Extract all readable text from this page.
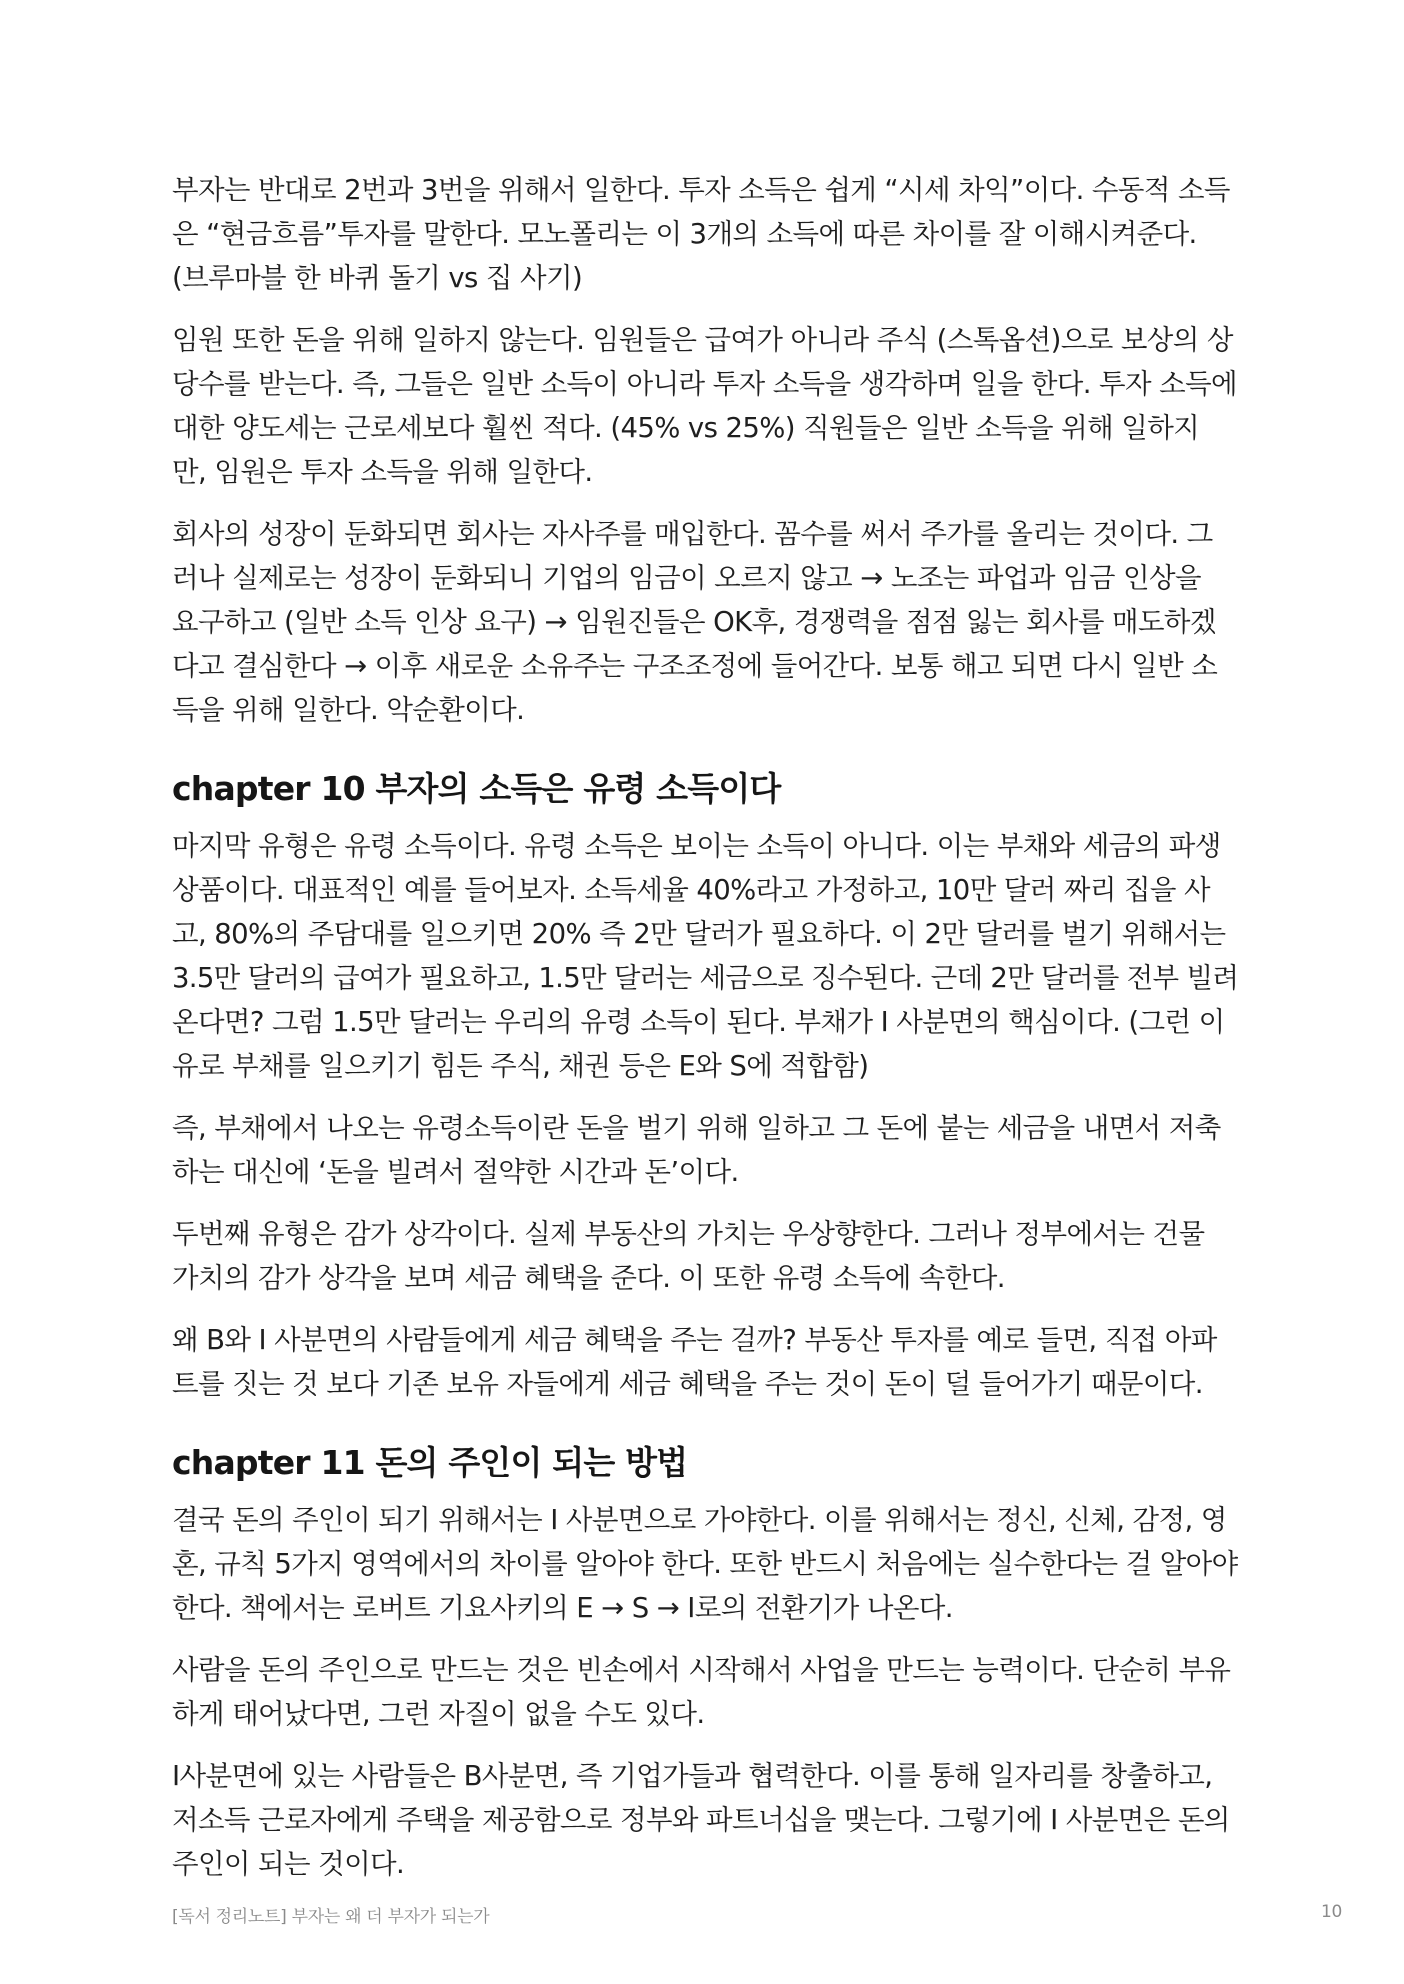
부자는 반대로 2번과 3번을 위해서 일한다. 투자 소득은 쉽게 “시세 차익”이다. 수동적 소득
은 “현금흐름”투자를 말한다. 모노폴리는 이 3개의 소득에 따른 차이를 잘 이해시켜준다.
(브루마블 한 바퀴 돌기 vs 집 사기)
임원 또한 돈을 위해 일하지 않는다. 임원들은 급여가 아니라 주식 (스톡옵션)으로 보상의 상
당수를 받는다. 즉, 그들은 일반 소득이 아니라 투자 소득을 생각하며 일을 한다. 투자 소득에
대한 양도세는 근로세보다 훨씬 적다. (45% vs 25%) 직원들은 일반 소득을 위해 일하지
만, 임원은 투자 소득을 위해 일한다.
회사의 성장이 둔화되면 회사는 자사주를 매입한다. 꼼수를 써서 주가를 올리는 것이다. 그
러나 실제로는 성장이 둔화되니 기업의 임금이 오르지 않고 → 노조는 파업과 임금 인상을
요구하고 (일반 소득 인상 요구) → 임원진들은 OK후, 경쟁력을 점점 잃는 회사를 매도하겠
다고 결심한다 → 이후 새로운 소유주는 구조조정에 들어간다. 보통 해고 되면 다시 일반 소
득을 위해 일한다. 악순환이다.
chapter 10 부자의 소득은 유령 소득이다
마지막 유형은 유령 소득이다. 유령 소득은 보이는 소득이 아니다. 이는 부채와 세금의 파생
상품이다. 대표적인 예를 들어보자. 소득세율 40%라고 가정하고, 10만 달러 짜리 집을 사
고, 80%의 주담대를 일으키면 20% 즉 2만 달러가 필요하다. 이 2만 달러를 벌기 위해서는
3.5만 달러의 급여가 필요하고, 1.5만 달러는 세금으로 징수된다. 근데 2만 달러를 전부 빌려
온다면? 그럼 1.5만 달러는 우리의 유령 소득이 된다. 부채가 I 사분면의 핵심이다. (그런 이
유로 부채를 일으키기 힘든 주식, 채권 등은 E와 S에 적합함)
즉, 부채에서 나오는 유령소득이란 돈을 벌기 위해 일하고 그 돈에 붙는 세금을 내면서 저축
하는 대신에 ‘돈을 빌려서 절약한 시간과 돈’이다.
두번째 유형은 감가 상각이다. 실제 부동산의 가치는 우상향한다. 그러나 정부에서는 건물
가치의 감가 상각을 보며 세금 혜택을 준다. 이 또한 유령 소득에 속한다.
왜 B와 I 사분면의 사람들에게 세금 혜택을 주는 걸까? 부동산 투자를 예로 들면, 직접 아파
트를 짓는 것 보다 기존 보유 자들에게 세금 혜택을 주는 것이 돈이 덜 들어가기 때문이다.
chapter 11 돈의 주인이 되는 방법
결국 돈의 주인이 되기 위해서는 I 사분면으로 가야한다. 이를 위해서는 정신, 신체, 감정, 영
혼, 규칙 5가지 영역에서의 차이를 알아야 한다. 또한 반드시 처음에는 실수한다는 걸 알아야
한다. 책에서는 로버트 기요사키의 E → S → I로의 전환기가 나온다.
사람을 돈의 주인으로 만드는 것은 빈손에서 시작해서 사업을 만드는 능력이다. 단순히 부유
하게 태어났다면, 그런 자질이 없을 수도 있다.
I사분면에 있는 사람들은 B사분면, 즉 기업가들과 협력한다. 이를 통해 일자리를 창출하고,
저소득 근로자에게 주택을 제공함으로 정부와 파트너십을 맺는다. 그렇기에 I 사분면은 돈의
주인이 되는 것이다.
[독서 정리노트] 부자는 왜 더 부자가 되는가	10
